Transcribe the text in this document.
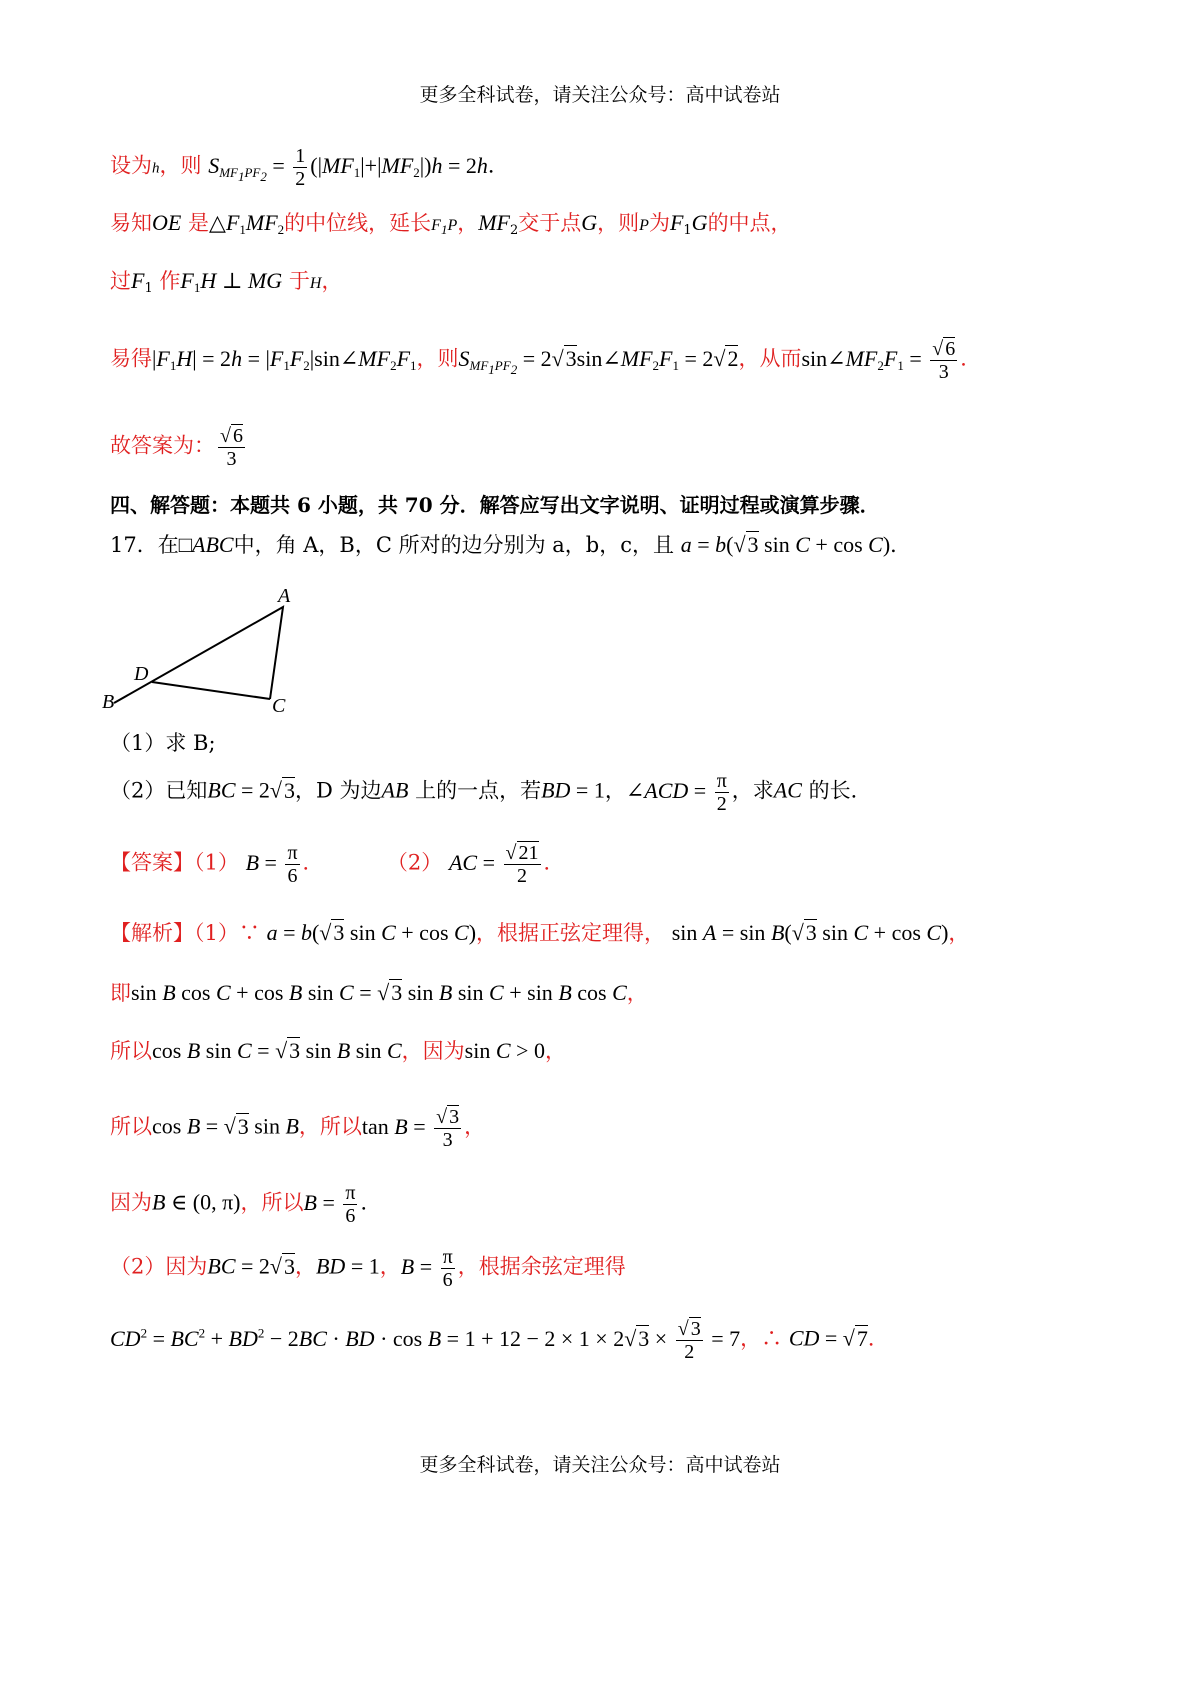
更多全科试卷，请关注公众号：高中试卷站
设为h，则 $S_{MF_1PF_2} = \frac{1}{2} (|MF_1|+|MF_2|)h = 2h$．
易知OE 是$\triangle F_1MF_2$的中位线，延长$F_1P$，$MF_2$交于点G，则P为$F_1G$的中点，
过$F_1$ 作$F_1H$ ⊥ MG 于H，
易得$|F_1H| = 2h$ = $|F_1F_2|\sin\angle MF_2F_1$，则$S_{MF_1PF_2}$ = $2√3\sin\angle MF_2F_1 = 2√2$，从而$\sin\angle MF_2F_1 = \frac{√ 6}{3}$ ．
故答案为： $\frac{√ 6}{3}$
四、解答题：本题共 6 小题，共 70 分．解答应写出文字说明、证明过程或演算步骤．
17．在□ABC中，角 A，B，C 所对的边分别为 a，b，c，且 a = b(√3 sin C + cos C)．
A
D
B	C
（1）求 B;
（2）已知BC = 2√3，D 为边AB 上的一点，若BD = 1，∠ACD = $\frac{\pi}{2}$ ，求AC 的长．
【答案】（1） $B = \frac{\pi}{6}$ ．	（2） AC = $\frac{√ 21}{2}$ ．
【解析】（1）∵ a = b(√3 sin C + cos C)，根据正弦定理得， sin A = sin B(√3 sin C + cos C)，
即sin B cos C + cos B sin C = √3 sin B sin C + sin B cos C，
所以cos B sin C = √3 sin B sin C，因为sin C > 0，
所以cos B = √3 sin B，所以$\tan B = \frac{√ 3}{3}$ ，
因为B ∈ (0, π)，所以$B = \frac{\pi}{6}$ ．
（2）因为BC = 2√3，BD = 1，$B = \frac{\pi}{6}$ ，根据余弦定理得
$CD^2 = BC^2 + BD^2 - 2BC$ · BD · $\cos B = 1 + 12 - 2 \times 1 \times 2√3 \times \frac{√ 3}{2} = 7$，∴ CD = √7．
更多全科试卷，请关注公众号：高中试卷站
